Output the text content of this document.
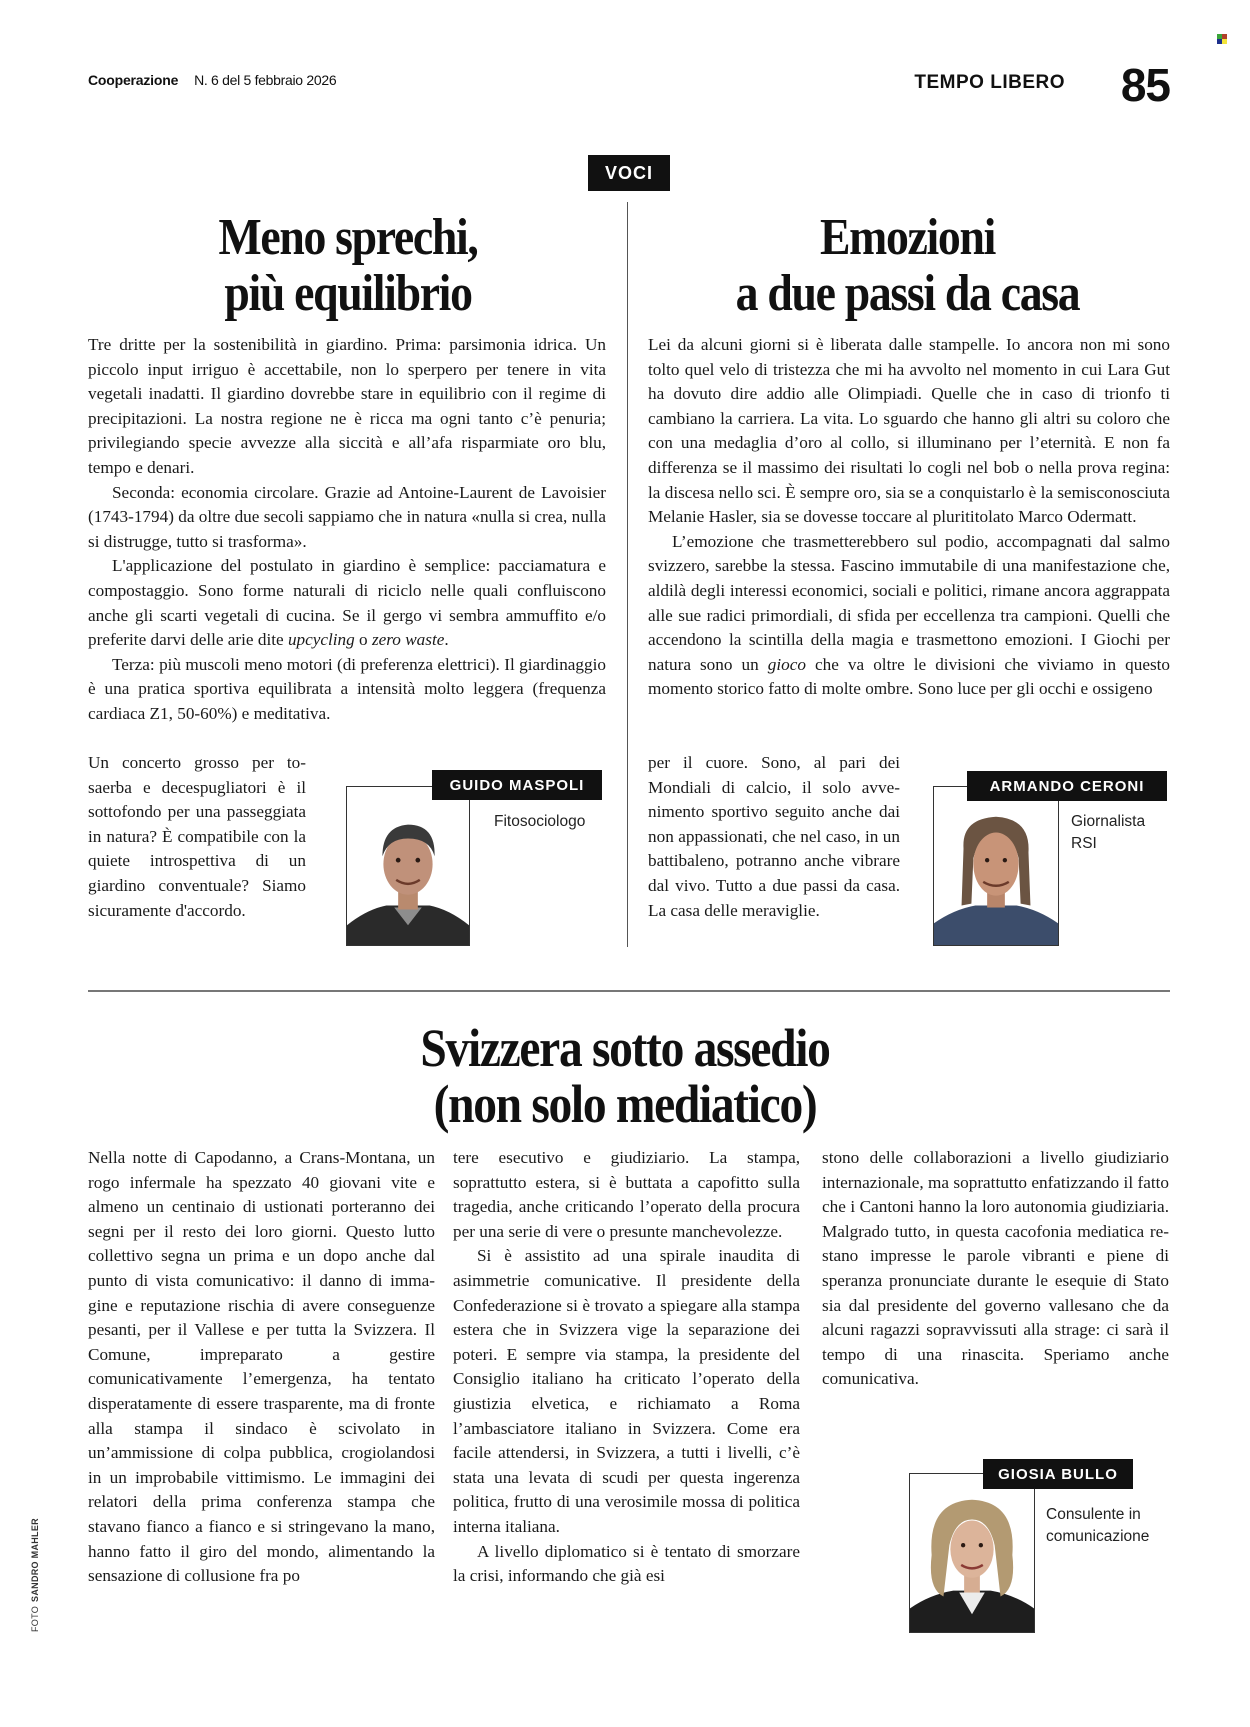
Cooperazione N. 6 del 5 febbraio 2026	TEMPO LIBERO 85
VOCI
Meno sprechi,
più equilibrio

Tre dritte per la sostenibilità in giardino. Prima: parsimonia idrica. Un piccolo input irriguo è accettabile, non lo sperpero per tenere in vita vegetali inadatti. Il giardino dovrebbe stare in equilibrio con il regime di precipitazioni. La nostra regione ne è ricca ma ogni tanto c’è penuria; privilegiando specie avvezze alla siccità e all’afa risparmiate oro blu, tempo e denari.

Seconda: economia circolare. Grazie ad Antoine-Laurent de Lavoisier (1743-1794) da oltre due secoli sappiamo che in natura «nulla si crea, nulla si distrugge, tutto si trasforma».

L'applicazione del postulato in giardino è semplice: pacciamatura e compostaggio. Sono forme naturali di riciclo nelle quali confluiscono anche gli scarti vegetali di cucina. Se il gergo vi sembra ammuffito e/o preferite darvi delle arie dite upcycling o zero waste.

Terza: più muscoli meno motori (di preferenza elettrici). Il giardinaggio è una pratica sportiva equilibrata a intensità molto leggera (frequenza cardiaca Z1, 50-60%) e meditativa.

Un concerto grosso per tosaerba e decespugliatori è il sottofondo per una passeggiata in natura? È compatibile con la quiete introspettiva di un giardino conventuale? Siamo sicuramente d'accordo.

GUIDO MASPOLI
Fitosociologo
Emozioni
a due passi da casa

Lei da alcuni giorni si è liberata dalle stampelle. Io ancora non mi sono tolto quel velo di tristezza che mi ha avvolto nel momento in cui Lara Gut ha dovuto dire addio alle Olimpiadi. Quelle che in caso di trionfo ti cambiano la carriera. La vita. Lo sguardo che hanno gli altri su coloro che con una medaglia d’oro al collo, si illuminano per l’eternità. E non fa differenza se il massimo dei risultati lo cogli nel bob o nella prova regina: la discesa nello sci. È sempre oro, sia se a conquistarlo è la semisconosciuta Melanie Hasler, sia se dovesse toccare al plurititolato Marco Odermatt.

L’emozione che trasmetterebbero sul podio, accompagnati dal salmo svizzero, sarebbe la stessa. Fascino immutabile di una manifestazione che, aldilà degli interessi economici, sociali e politici, rimane ancora aggrappata alle sue radici primordiali, di sfida per eccellenza tra campioni. Quelli che accendono la scintilla della magia e trasmettono emozioni. I Giochi per natura sono un gioco che va oltre le divisioni che viviamo in questo momento storico fatto di molte ombre. Sono luce per gli occhi e ossigeno

per il cuore. Sono, al pari dei Mondiali di calcio, il solo avvenimento sportivo seguito anche dai non appassionati, che nel caso, in un battibaleno, potranno anche vibrare dal vivo. Tutto a due passi da casa. La casa delle meraviglie.

ARMANDO CERONI
Giornalista
RSI
Svizzera sotto assedio
(non solo mediatico)

Nella notte di Capodanno, a Crans-Montana, un rogo infermale ha spezzato 40 giovani vite e almeno un centinaio di ustionati porteranno dei segni per il resto dei loro giorni. Questo lutto collettivo segna un prima e un dopo anche dal punto di vista comunicativo: il danno di immagine e reputazione rischia di avere conseguenze pesanti, per il Vallese e per tutta la Svizzera. Il Comune, impreparato a gestire comunicativamente l’emergenza, ha tentato disperatamente di essere trasparente, ma di fronte alla stampa il sindaco è scivolato in un’ammissione di colpa pubblica, crogiolandosi in un improbabile vittimismo. Le immagini dei relatori della prima conferenza stampa che stavano fianco a fianco e si stringevano la mano, hanno fatto il giro del mondo, alimentando la sensazione di collusione fra po

tere esecutivo e giudiziario. La stampa, soprattutto estera, si è buttata a capofitto sulla tragedia, anche criticando l’operato della procura per una serie di vere o presunte manchevolezze.

Si è assistito ad una spirale inaudita di asimmetrie comunicative. Il presidente della Confederazione si è trovato a spiegare alla stampa estera che in Svizzera vige la separazione dei poteri. E sempre via stampa, la presidente del Consiglio italiano ha criticato l’operato della giustizia elvetica, e richiamato a Roma l’ambasciatore italiano in Svizzera. Come era facile attendersi, in Svizzera, a tutti i livelli, c’è stata una levata di scudi per questa ingerenza politica, frutto di una verosimile mossa di politica interna italiana.

A livello diplomatico si è tentato di smorzare la crisi, informando che già esi

stono delle collaborazioni a livello giudiziario internazionale, ma soprattutto enfatizzando il fatto che i Cantoni hanno la loro autonomia giudiziaria. Malgrado tutto, in questa cacofonia mediatica restano impresse le parole vibranti e piene di speranza pronunciate durante le esequie di Stato sia dal presidente del governo vallesano che da alcuni ragazzi sopravvissuti alla strage: ci sarà il tempo di una rinascita. Speriamo anche comunicativa.

GIOSIA BULLO
Consulente in
comunicazione
FOTOSANDRO MAHLER
